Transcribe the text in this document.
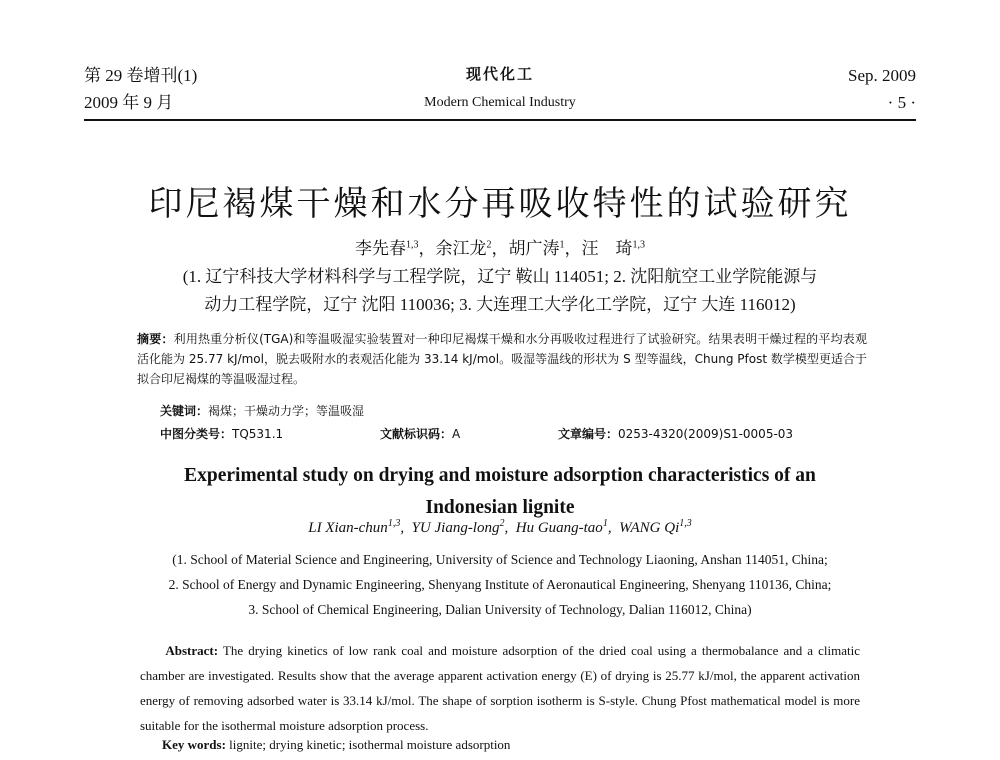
第 29 卷增刊(1)
2009 年 9 月
现代化工
Modern Chemical Industry
Sep. 2009
· 5 ·
印尼褐煤干燥和水分再吸收特性的试验研究
李先春$^{1,3}$，余江龙$^2$，胡广涛$^1$，汪　琦$^{1,3}$
(1. 辽宁科技大学材料科学与工程学院，辽宁 鞍山 114051; 2. 沈阳航空工业学院能源与
动力工程学院，辽宁 沈阳 110036; 3. 大连理工大学化工学院，辽宁 大连 116012)
摘要：利用热重分析仪(TGA)和等温吸湿实验装置对一种印尼褐煤干燥和水分再吸收过程进行了试验研究。结果表明干燥过程的平均表观活化能为 25.77 kJ/mol，脱去吸附水的表观活化能为 33.14 kJ/mol。吸湿等温线的形状为 S 型等温线，Chung Pfost 数学模型更适合于拟合印尼褐煤的等温吸湿过程。
关键词：褐煤；干燥动力学；等温吸湿
中图分类号：TQ531.1	文献标识码：A	文章编号：0253-4320(2009)S1-0005-03
Experimental study on drying and moisture adsorption characteristics of an
Indonesian lignite
LI Xian-chun$^{1,3}$,  YU Jiang-long$^2$,  Hu Guang-tao$^1$,  WANG Qi$^{1,3}$
(1. School of Material Science and Engineering, University of Science and Technology Liaoning, Anshan 114051, China;
2. School of Energy and Dynamic Engineering, Shenyang Institute of Aeronautical Engineering, Shenyang 110136, China;
3. School of Chemical Engineering, Dalian University of Technology, Dalian 116012, China)
Abstract: The drying kinetics of low rank coal and moisture adsorption of the dried coal using a thermobalance and a climatic chamber are investigated. Results show that the average apparent activation energy (E) of drying is 25.77 kJ/mol, the apparent activation energy of removing adsorbed water is 33.14 kJ/mol. The shape of sorption isotherm is S-style. Chung Pfost mathematical model is more suitable for the isothermal moisture adsorption process.
Key words: lignite; drying kinetic; isothermal moisture adsorption
